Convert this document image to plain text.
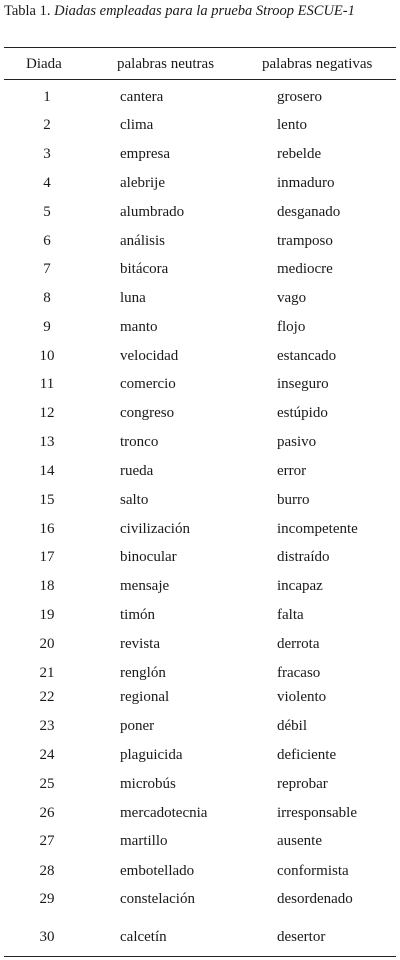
Tabla 1. Diadas empleadas para la prueba Stroop ESCUE-1
Diada	palabras neutras	palabras negativas
1	cantera	grosero
2	clima	lento
3	empresa	rebelde
4	alebrije	inmaduro
5	alumbrado	desganado
6	análisis	tramposo
7	bitácora	mediocre
8	luna	vago
9	manto	flojo
10	velocidad	estancado
11	comercio	inseguro
12	congreso	estúpido
13	tronco	pasivo
14	rueda	error
15	salto	burro
16	civilización	incompetente
17	binocular	distraído
18	mensaje	incapaz
19	timón	falta
20	revista	derrota
21	renglón	fracaso
22	regional	violento
23	poner	débil
24	plaguicida	deficiente
25	microbús	reprobar
26	mercadotecnia	irresponsable
27	martillo	ausente
28	embotellado	conformista
29	constelación	desordenado
30	calcetín	desertor
